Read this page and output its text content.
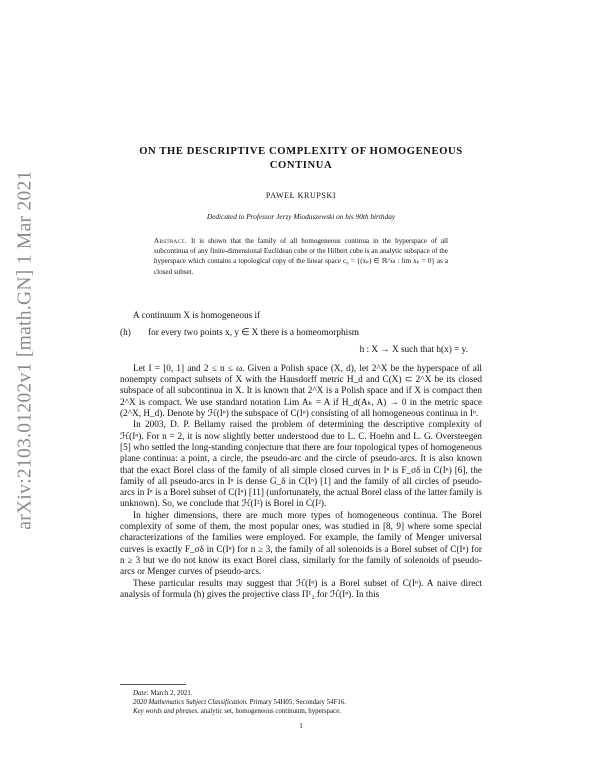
arXiv:2103.01202v1 [math.GN] 1 Mar 2021
ON THE DESCRIPTIVE COMPLEXITY OF HOMOGENEOUS
CONTINUA
PAWEŁ KRUPSKI
Dedicated to Professor Jerzy Mioduszewski on his 90th birthday
Abstract. It is shown that the family of all homogeneous continua in the hyperspace of all subcontinua of any finite-dimensional Euclidean cube or the Hilbert cube is an analytic subspace of the hyperspace which contains a topological copy of the linear space c₀ = {(xₖ) ∈ ℝ^ω : lim xₖ = 0} as a closed subset.

A continuum X is homogeneous if

(h)	for every two points x, y ∈ X there is a homeomorphism
h : X → X such that h(x) = y.

Let I = [0, 1] and 2 ≤ n ≤ ω. Given a Polish space (X, d), let 2^X be the hyperspace of all nonempty compact subsets of X with the Hausdorff metric H_d and C(X) ⊂ 2^X be its closed subspace of all subcontinua in X. It is known that 2^X is a Polish space and if X is compact then 2^X is compact. We use standard notation Lim Aₖ = A if H_d(Aₖ, A) → 0 in the metric space (2^X, H_d). Denote by ℋ(Iⁿ) the subspace of C(Iⁿ) consisting of all homogeneous continua in Iⁿ.

In 2003, D. P. Bellamy raised the problem of determining the descriptive complexity of ℋ(Iⁿ). For n = 2, it is now slightly better understood due to L. C. Hoehn and L. G. Oversteegen [5] who settled the long-standing conjecture that there are four topological types of homogeneous plane continua: a point, a circle, the pseudo-arc and the circle of pseudo-arcs. It is also known that the exact Borel class of the family of all simple closed curves in Iⁿ is F_σδ in C(Iⁿ) [6], the family of all pseudo-arcs in Iⁿ is dense G_δ in C(Iⁿ) [1] and the family of all circles of pseudo-arcs in Iⁿ is a Borel subset of C(Iⁿ) [11] (unfortunately, the actual Borel class of the latter family is unknown). So, we conclude that ℋ(I²) is Borel in C(I²).

In higher dimensions, there are much more types of homogeneous continua. The Borel complexity of some of them, the most popular ones, was studied in [8, 9] where some special characterizations of the families were employed. For example, the family of Menger universal curves is exactly F_σδ in C(Iⁿ) for n ≥ 3, the family of all solenoids is a Borel subset of C(Iⁿ) for n ≥ 3 but we do not know its exact Borel class, similarly for the family of solenoids of pseudo-arcs or Menger curves of pseudo-arcs.

These particular results may suggest that ℋ(Iⁿ) is a Borel subset of C(Iⁿ). A naive direct analysis of formula (h) gives the projective class Π¹₂ for ℋ(Iⁿ). In this

Date: March 2, 2021.
2020 Mathematics Subject Classification. Primary 54H05; Secondary 54F16.
Key words and phrases. analytic set, homogeneous continuum, hyperspace.
1
